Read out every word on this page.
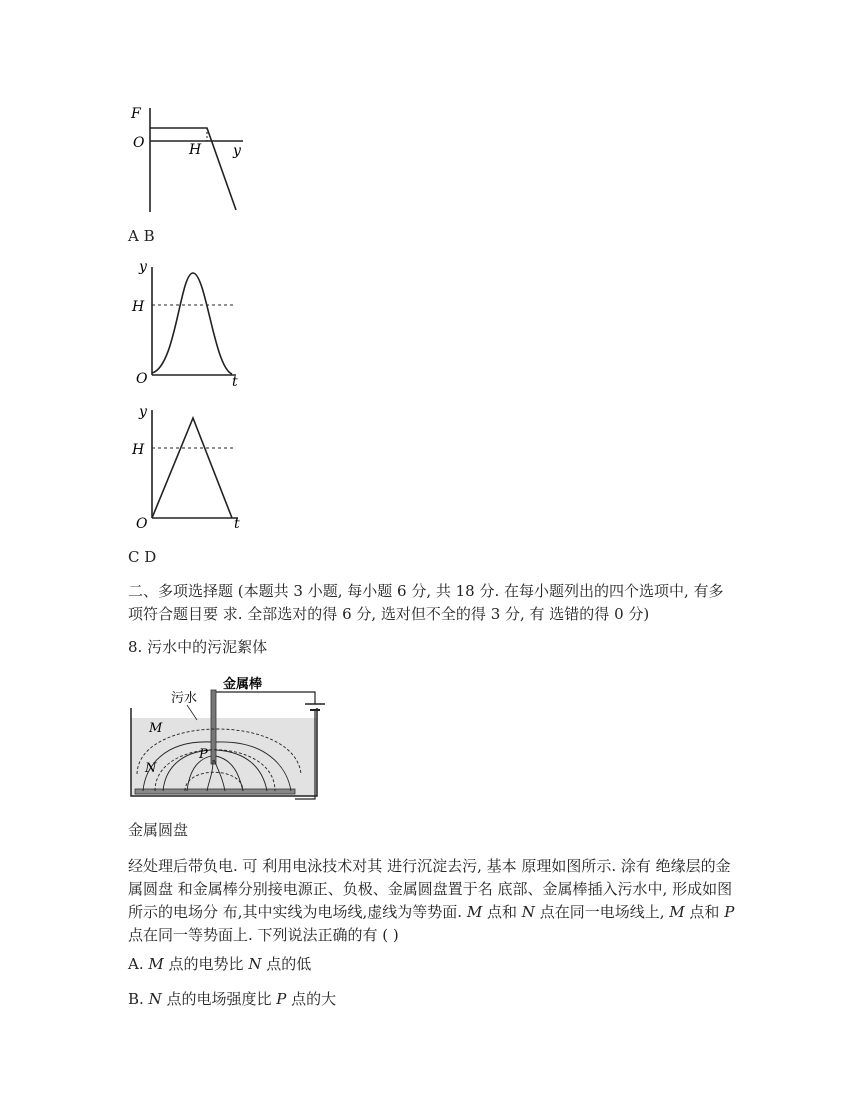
F
O	H y
A B
y
H
O	t
y
H
O	t
C D
二、多项选择题 (本题共 3 小题, 每小题 6 分, 共 18 分. 在每小题列出的四个选项中, 有多项符合题目要 求. 全部选对的得 6 分, 选对但不全的得 3 分, 有 选错的得 0 分)
8. 污水中的污泥絮体
污水
金属棒
M
N
P
金属圆盘
经处理后带负电. 可 利用电泳技术对其 进行沉淀去污, 基本 原理如图所示. 涂有 绝缘层的金属圆盘 和金属棒分别接电源正、负极、金属圆盘置于名 底部、金属棒插入污水中, 形成如图所示的电场分 布,其中实线为电场线,虚线为等势面. M 点和 N 点在同一电场线上, M 点和 P 点在同一等势面上. 下列说法正确的有 ( )
A. M 点的电势比 N 点的低
B. N 点的电场强度比 P 点的大
